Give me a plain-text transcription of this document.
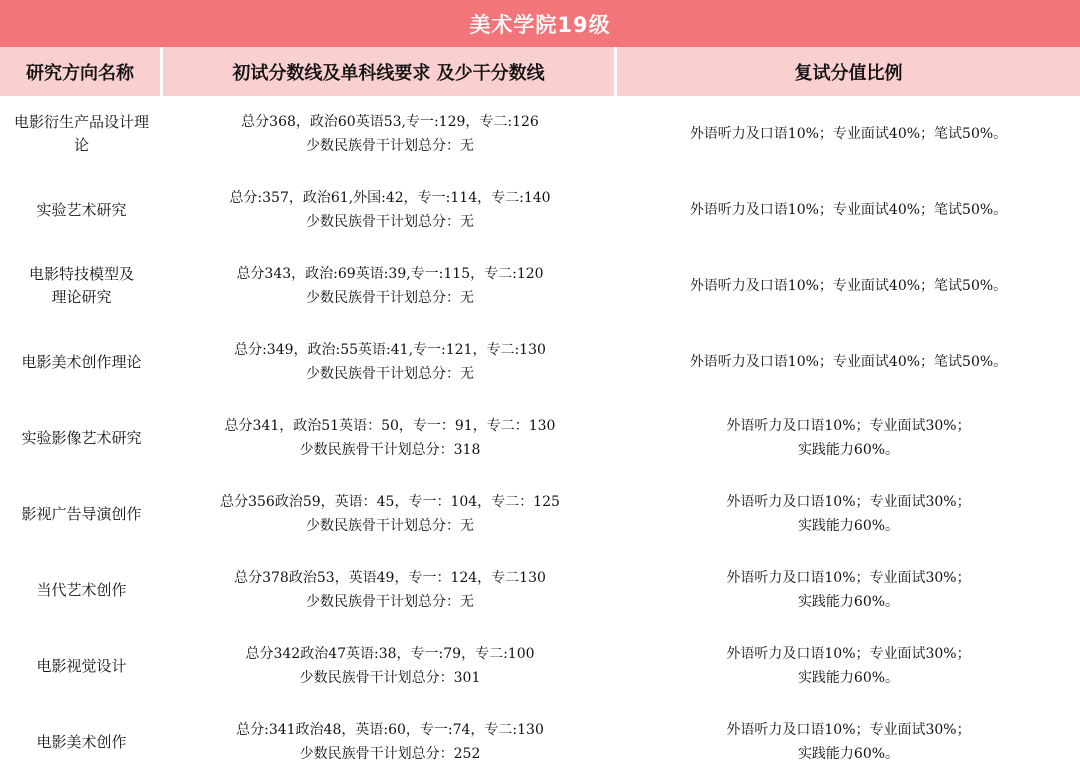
美术学院19级
研究方向名称	初试分数线及单科线要求 及少干分数线	复试分值比例
电影衍生产品设计理
论
总分368，政治60英语53,专一:129，专二:126
少数民族骨干计划总分：无
外语听力及口语10%；专业面试40%；笔试50%。
实验艺术研究
总分:357，政治61,外国:42，专一:114，专二:140
少数民族骨干计划总分：无
外语听力及口语10%；专业面试40%；笔试50%。
电影特技模型及
理论研究
总分343，政治:69英语:39,专一:115，专二:120
少数民族骨干计划总分：无
外语听力及口语10%；专业面试40%；笔试50%。
电影美术创作理论
总分:349，政治:55英语:41,专一:121，专二:130
少数民族骨干计划总分：无
外语听力及口语10%；专业面试40%；笔试50%。
实验影像艺术研究
总分341，政治51英语：50，专一：91，专二：130
少数民族骨干计划总分：318
外语听力及口语10%；专业面试30%；
实践能力60%。
影视广告导演创作
总分356政治59，英语：45，专一：104，专二：125
少数民族骨干计划总分：无
外语听力及口语10%；专业面试30%；
实践能力60%。
当代艺术创作
总分378政治53，英语49，专一：124，专二130
少数民族骨干计划总分：无
外语听力及口语10%；专业面试30%；
实践能力60%。
电影视觉设计
总分342政治47英语:38，专一:79，专二:100
少数民族骨干计划总分：301
外语听力及口语10%；专业面试30%；
实践能力60%。
电影美术创作
总分:341政治48，英语:60，专一:74，专二:130
少数民族骨干计划总分：252
外语听力及口语10%；专业面试30%；
实践能力60%。
